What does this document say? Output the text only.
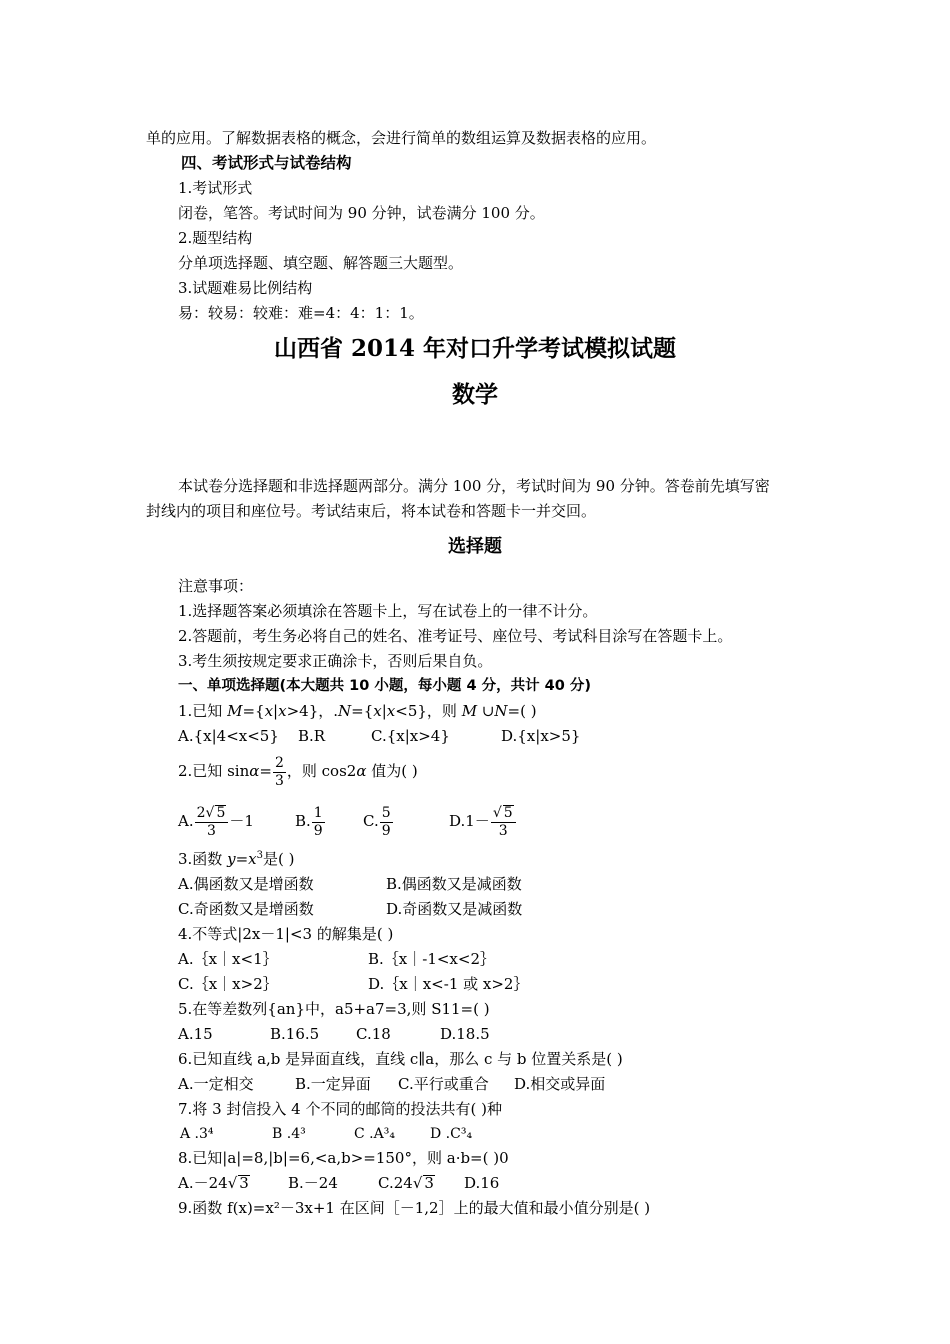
单的应用。了解数据表格的概念，会进行简单的数组运算及数据表格的应用。
四、考试形式与试卷结构
1.考试形式
闭卷，笔答。考试时间为 90 分钟，试卷满分 100 分。
2.题型结构
分单项选择题、填空题、解答题三大题型。
3.试题难易比例结构
易：较易：较难：难=4：4：1：1。
山西省 2014 年对口升学考试模拟试题
数学
本试卷分选择题和非选择题两部分。满分 100 分，考试时间为 90 分钟。答卷前先填写密
封线内的项目和座位号。考试结束后，将本试卷和答题卡一并交回。
选择题
注意事项：
1.选择题答案必须填涂在答题卡上，写在试卷上的一律不计分。
2.答题前，考生务必将自己的姓名、准考证号、座位号、考试科目涂写在答题卡上。
3.考生须按规定要求正确涂卡，否则后果自负。
一、单项选择题(本大题共 10 小题，每小题 4 分，共计 40 分)
1.已知 M={x|x>4}，.N={x|x<5}，则 M ∪N=( )
A.{x|4<x<5} B.R	C.{x|x>4}	D.{x|x>5}
2.已知 $\sin\alpha= \frac{2}{3}$ ，则 cos2α 值为( )
A. $\frac{2√ 5}{3} -1$	B. $\frac{1}{9}$	C. $\frac{5}{9}$	$D.1- \frac{√ 5}{3}$
3.函数 $y=x^3$是( )
A.偶函数又是增函数	B.偶函数又是减函数
C.奇函数又是增函数	D.奇函数又是减函数
4.不等式|2x－1|<3 的解集是( )
A.｛x｜x<1｝	B.｛x｜-1<x<2｝
C.｛x｜x>2｝	D.｛x｜x<-1 或 x>2｝
5.在等差数列{an}中，a5+a7=3,则 S11=( )
A.15	B.16.5 C.18	D.18.5
6.已知直线 a,b 是异面直线，直线 c∥a，那么 c 与 b 位置关系是( )
A.一定相交	B.一定异面 C.平行或重合 D.相交或异面
7.将 3 封信投入 4 个不同的邮筒的投法共有( )种
A .3⁴	B .4³	C .A³₄	D .C³₄
8.已知|a|=8,|b|=6,<a,b>=150°，则 a·b=( )0
A.－24√ 3	B.－24	C.24√ 3 D.16
9.函数 f(x)=x²－3x+1 在区间［－1,2］上的最大值和最小值分别是( )
